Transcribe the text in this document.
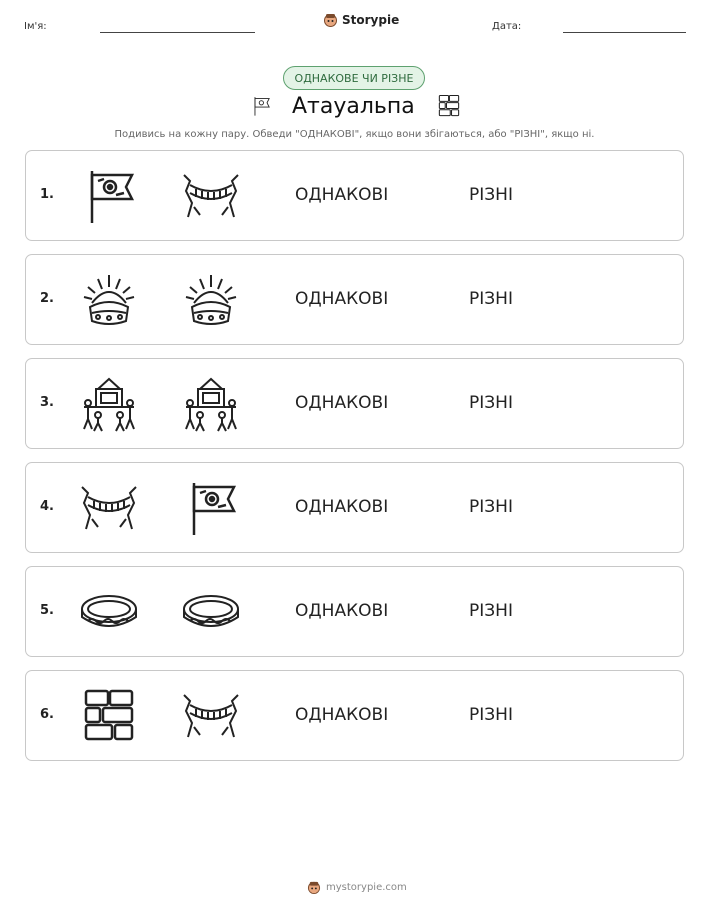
Ім'я:	Storypie	Дата:
ОДНАКОВЕ ЧИ РІЗНЕ
Атауальпа
Подивись на кожну пару. Обведи "ОДНАКОВІ", якщо вони збігаються, або "РІЗНІ", якщо ні.
1.	ОДНАКОВІ	РІЗНІ
2.	ОДНАКОВІ	РІЗНІ
3.	ОДНАКОВІ	РІЗНІ
4.	ОДНАКОВІ	РІЗНІ
5.	ОДНАКОВІ	РІЗНІ
6.	ОДНАКОВІ	РІЗНІ
mystorypie.com
